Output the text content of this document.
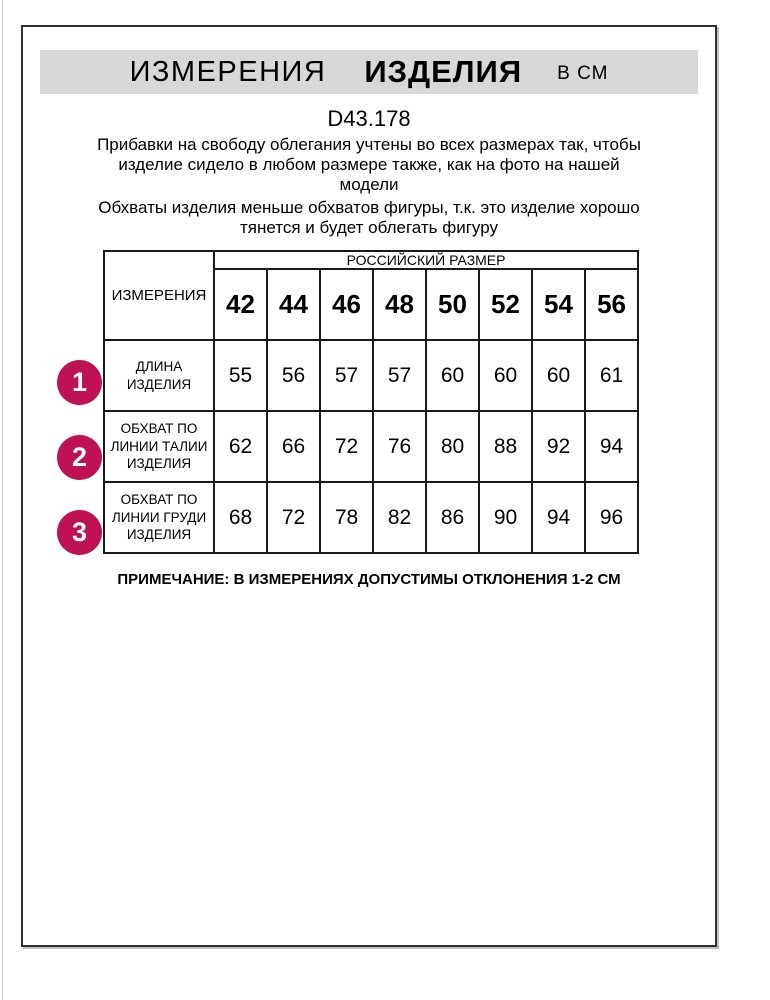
ИЗМЕРЕНИЯ ИЗДЕЛИЯ В СМ
D43.178

Прибавки на свободу облегания учтены во всех размерах так, чтобы изделие сидело в любом размере также, как на фото на нашей модели

Обхваты изделия меньше обхватов фигуры, т.к. это изделие хорошо тянется и будет облегать фигуру

1
2
3
ИЗМЕРЕНИЯ	РОССИЙСКИЙ РАЗМЕР							
	42	44	46	48	50	52	54	56
ДЛИНА ИЗДЕЛИЯ	55	56	57	57	60	60	60	61
ОБХВАТ ПО ЛИНИИ ТАЛИИ ИЗДЕЛИЯ	62	66	72	76	80	88	92	94
ОБХВАТ ПО ЛИНИИ ГРУДИ ИЗДЕЛИЯ	68	72	78	82	86	90	94	96
ПРИМЕЧАНИЕ: В ИЗМЕРЕНИЯХ ДОПУСТИМЫ ОТКЛОНЕНИЯ 1-2 СМ
